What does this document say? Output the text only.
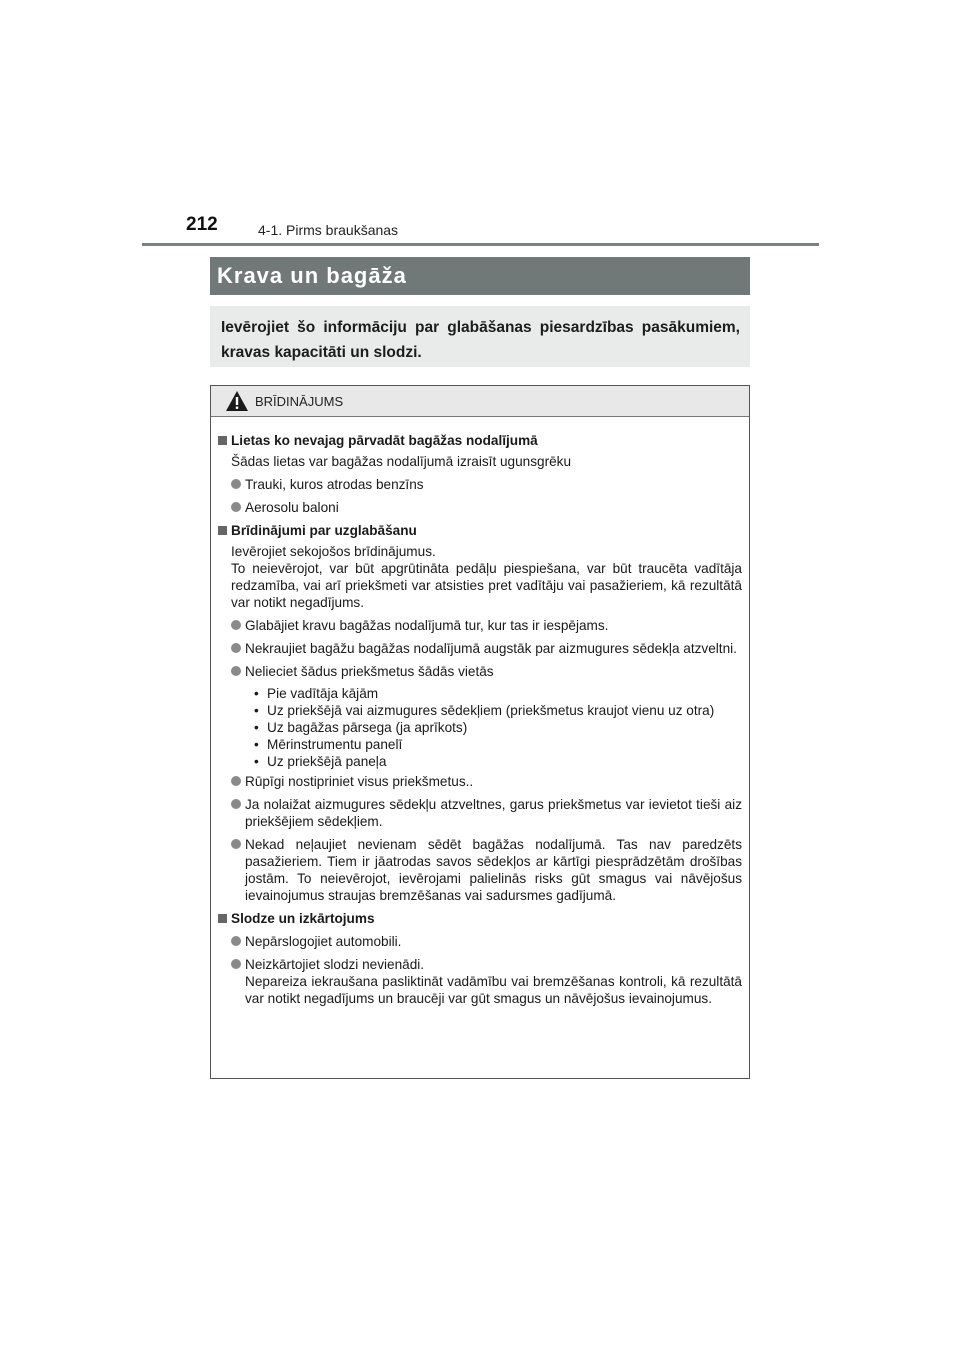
212	4-1. Pirms braukšanas
Krava un bagāža
Ievērojiet šo informāciju par glabāšanas piesardzības pasākumiem, kravas kapacitāti un slodzi.
BRĪDINĀJUMS
Lietas ko nevajag pārvadāt bagāžas nodalījumā
Šādas lietas var bagāžas nodalījumā izraisīt ugunsgrēku
Trauki, kuros atrodas benzīns
Aerosolu baloni
Brīdinājumi par uzglabāšanu
Ievērojiet sekojošos brīdinājumus.
To neievērojot, var būt apgrūtināta pedāļu piespiešana, var būt traucēta vadītāja redzamība, vai arī priekšmeti var atsisties pret vadītāju vai pasažieriem, kā rezultātā var notikt negadījums.
Glabājiet kravu bagāžas nodalījumā tur, kur tas ir iespējams.
Nekraujiet bagāžu bagāžas nodalījumā augstāk par aizmugures sēdekļa atzveltni.
Nelieciet šādus priekšmetus šādās vietās
• Pie vadītāja kājām
• Uz priekšējā vai aizmugures sēdekļiem (priekšmetus kraujot vienu uz otra)
• Uz bagāžas pārsega (ja aprīkots)
• Mērinstrumentu panelī
• Uz priekšējā paneļa
Rūpīgi nostipriniet visus priekšmetus..
Ja nolaižat aizmugures sēdekļu atzveltnes, garus priekšmetus var ievietot tieši aiz priekšējiem sēdekļiem.
Nekad neļaujiet nevienam sēdēt bagāžas nodalījumā. Tas nav paredzēts pasažieriem. Tiem ir jāatrodas savos sēdekļos ar kārtīgi piesprādzētām drošības jostām. To neievērojot, ievērojami palielinās risks gūt smagus vai nāvējošus ievainojumus straujas bremzēšanas vai sadursmes gadījumā.
Slodze un izkārtojums
Nepārslogojiet automobili.
Neizkārtojiet slodzi nevienādi.
Nepareiza iekraušana pasliktināt vadāmību vai bremzēšanas kontroli, kā rezultātā var notikt negadījums un braucēji var gūt smagus un nāvējošus ievainojumus.
